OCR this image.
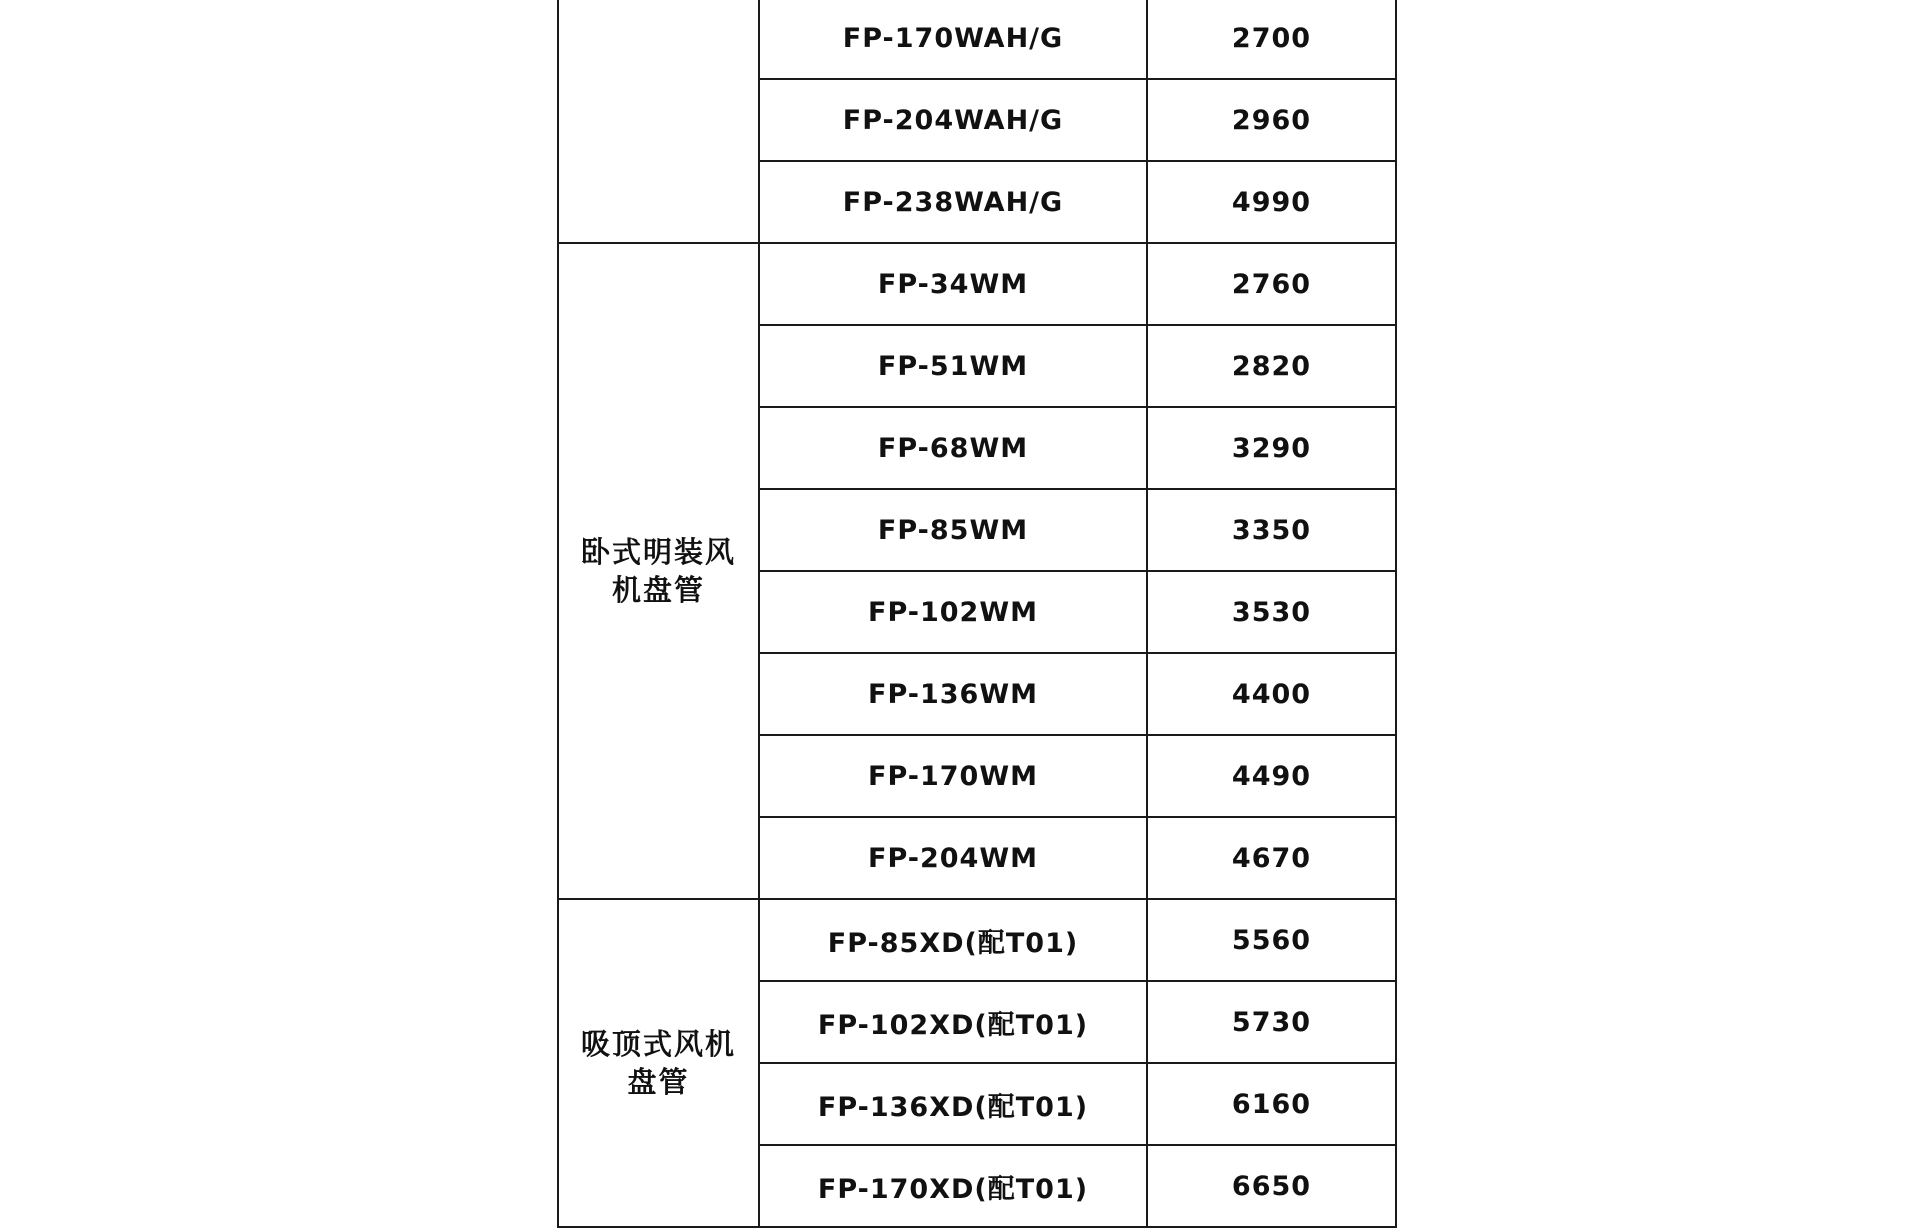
	FP-170WAH/G	2700
	FP-204WAH/G	2960
	FP-238WAH/G	4990
卧式明装风机盘管	FP-34WM	2760
	FP-51WM	2820
	FP-68WM	3290
	FP-85WM	3350
	FP-102WM	3530
	FP-136WM	4400
	FP-170WM	4490
	FP-204WM	4670
吸顶式风机盘管	FP-85XD(配T01)	5560
	FP-102XD(配T01)	5730
	FP-136XD(配T01)	6160
	FP-170XD(配T01)	6650
